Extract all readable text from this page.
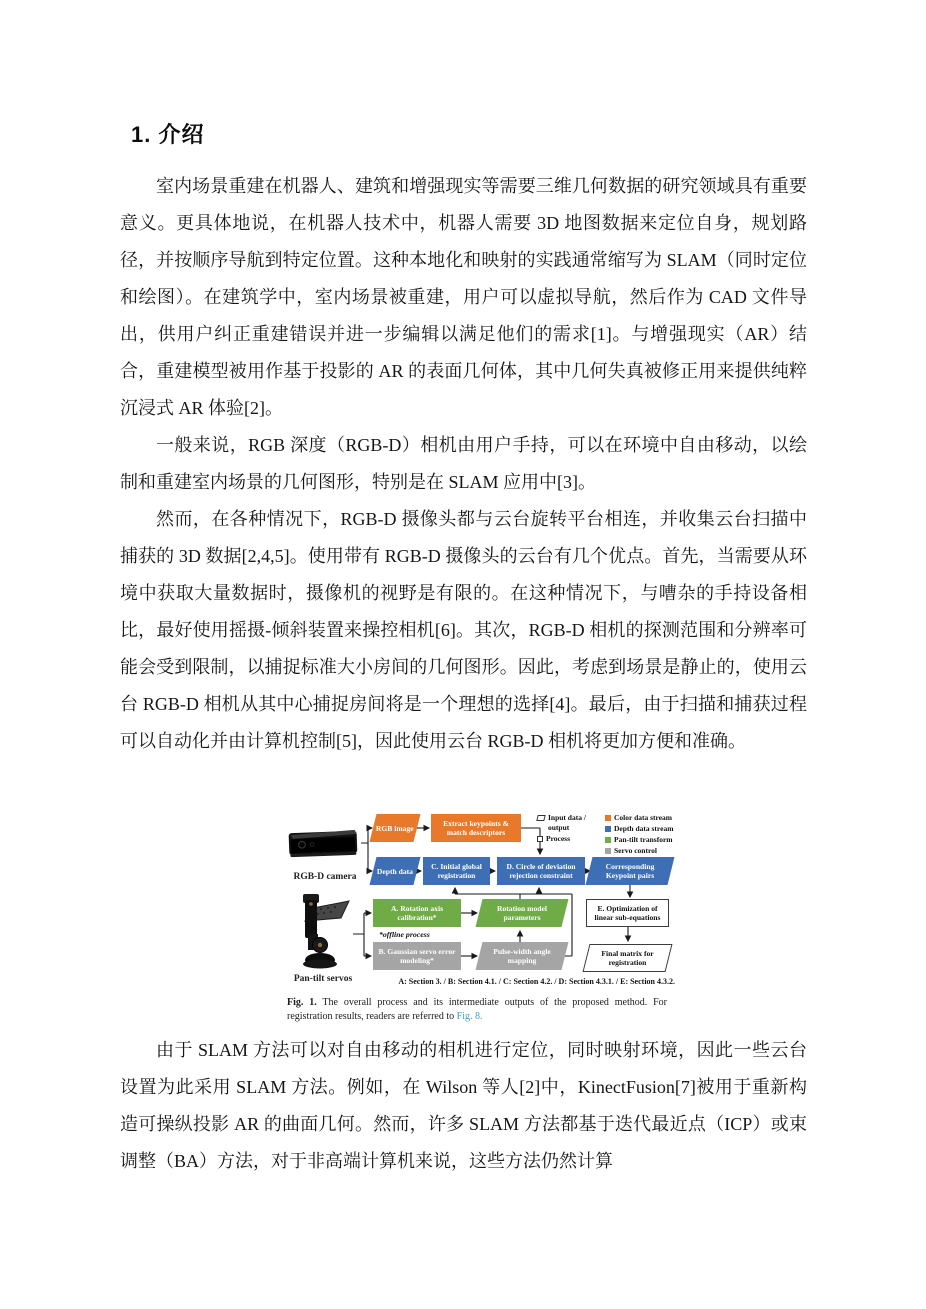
1. 介绍

室内场景重建在机器人、建筑和增强现实等需要三维几何数据的研究领域具有重要意义。更具体地说，在机器人技术中，机器人需要 3D 地图数据来定位自身，规划路径，并按顺序导航到特定位置。这种本地化和映射的实践通常缩写为 SLAM（同时定位和绘图）。在建筑学中，室内场景被重建，用户可以虚拟导航，然后作为 CAD 文件导出，供用户纠正重建错误并进一步编辑以满足他们的需求[1]。与增强现实（AR）结合，重建模型被用作基于投影的 AR 的表面几何体，其中几何失真被修正用来提供纯粹沉浸式 AR 体验[2]。

一般来说，RGB 深度（RGB-D）相机由用户手持，可以在环境中自由移动，以绘制和重建室内场景的几何图形，特别是在 SLAM 应用中[3]。

然而，在各种情况下，RGB-D 摄像头都与云台旋转平台相连，并收集云台扫描中捕获的 3D 数据[2,4,5]。使用带有 RGB-D 摄像头的云台有几个优点。首先，当需要从环境中获取大量数据时，摄像机的视野是有限的。在这种情况下，与嘈杂的手持设备相比，最好使用摇摄-倾斜装置来操控相机[6]。其次，RGB-D 相机的探测范围和分辨率可能会受到限制，以捕捉标准大小房间的几何图形。因此，考虑到场景是静止的，使用云台 RGB-D 相机从其中心捕捉房间将是一个理想的选择[4]。最后，由于扫描和捕获过程可以自动化并由计算机控制[5]，因此使用云台 RGB-D 相机将更加方便和准确。

RGB-D camera
Pan-tilt servos
RGB image	Extract keypoints & match descriptors
Depth data	C. Initial global registration
D. Circle of deviation rejection constraint
Corresponding Keypoint pairs
A. Rotation axis calibration*
Rotation model parameters
E. Optimization of linear sub-equations
B. Gaussian servo error modeling*
Pulse-width angle mapping
Final matrix for registration
*offline process
Input data / output
Process
Color data stream
Depth data stream
Pan-tilt transform
Servo control
A: Section 3. / B: Section 4.1. / C: Section 4.2. / D: Section 4.3.1. / E: Section 4.3.2.
Fig. 1. The overall process and its intermediate outputs of the proposed method. For registration results, readers are referred to Fig. 8.

由于 SLAM 方法可以对自由移动的相机进行定位，同时映射环境，因此一些云台设置为此采用 SLAM 方法。例如，在 Wilson 等人[2]中，KinectFusion[7]被用于重新构造可操纵投影 AR 的曲面几何。然而，许多 SLAM 方法都基于迭代最近点（ICP）或束调整（BA）方法，对于非高端计算机来说，这些方法仍然计算
